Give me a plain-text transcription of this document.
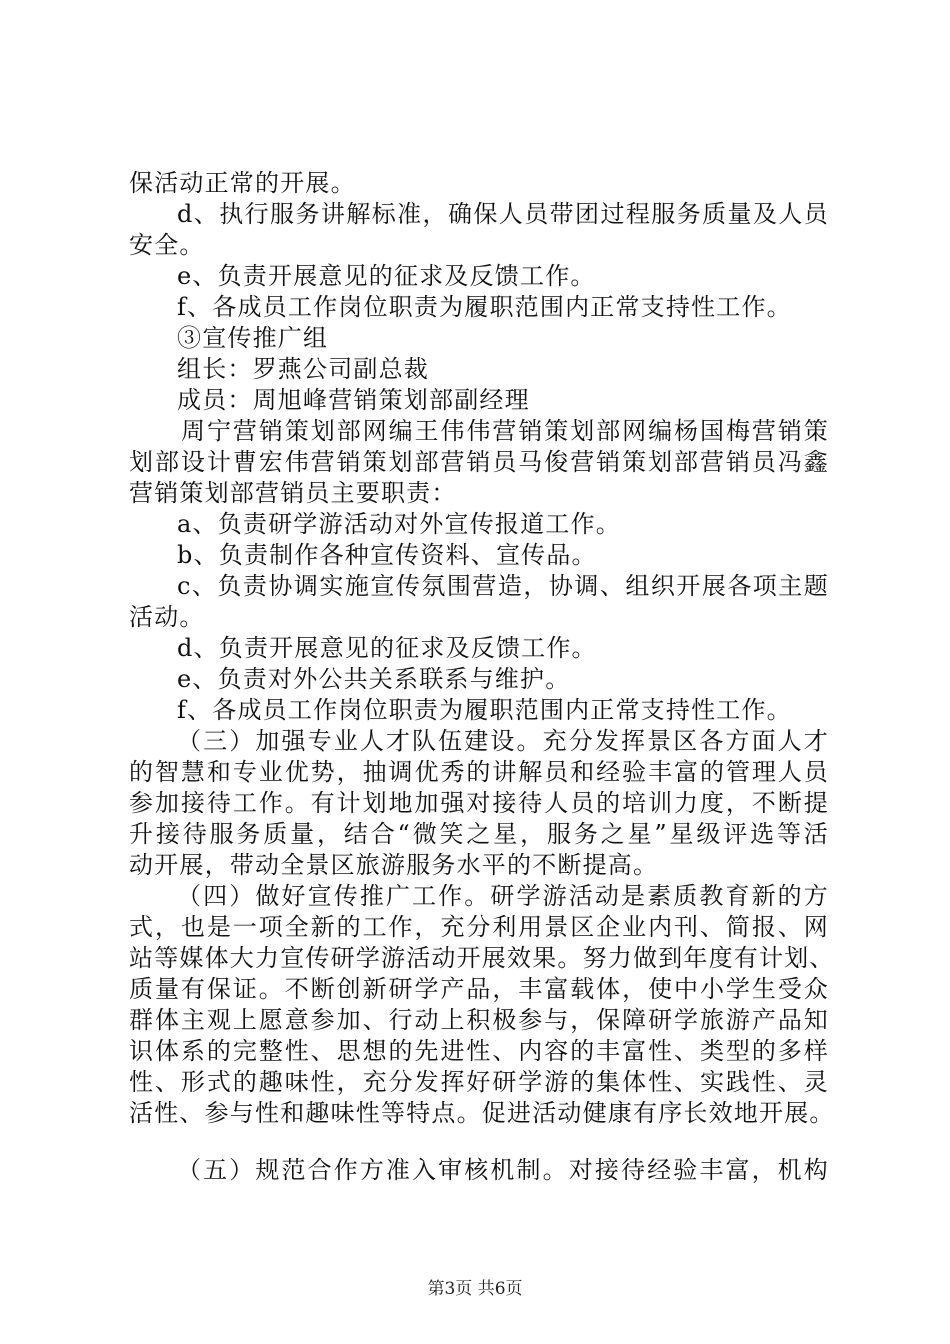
保活动正常的开展。
d、执行服务讲解标准，确保人员带团过程服务质量及人员
安全。
e、负责开展意见的征求及反馈工作。
f、各成员工作岗位职责为履职范围内正常支持性工作。
③宣传推广组
组长：罗燕公司副总裁
成员：周旭峰营销策划部副经理
周宁营销策划部网编王伟伟营销策划部网编杨国梅营销策
划部设计曹宏伟营销策划部营销员马俊营销策划部营销员冯鑫
营销策划部营销员主要职责：
a、负责研学游活动对外宣传报道工作。
b、负责制作各种宣传资料、宣传品。
c、负责协调实施宣传氛围营造，协调、组织开展各项主题
活动。
d、负责开展意见的征求及反馈工作。
e、负责对外公共关系联系与维护。
f、各成员工作岗位职责为履职范围内正常支持性工作。
（三）加强专业人才队伍建设。充分发挥景区各方面人才
的智慧和专业优势，抽调优秀的讲解员和经验丰富的管理人员
参加接待工作。有计划地加强对接待人员的培训力度，不断提
升接待服务质量，结合“微笑之星，服务之星”星级评选等活
动开展，带动全景区旅游服务水平的不断提高。
（四）做好宣传推广工作。研学游活动是素质教育新的方
式，也是一项全新的工作，充分利用景区企业内刊、简报、网
站等媒体大力宣传研学游活动开展效果。努力做到年度有计划、
质量有保证。不断创新研学产品，丰富载体，使中小学生受众
群体主观上愿意参加、行动上积极参与，保障研学旅游产品知
识体系的完整性、思想的先进性、内容的丰富性、类型的多样
性、形式的趣味性，充分发挥好研学游的集体性、实践性、灵
活性、参与性和趣味性等特点。促进活动健康有序长效地开展。
（五）规范合作方准入审核机制。对接待经验丰富，机构
第3页 共6页
